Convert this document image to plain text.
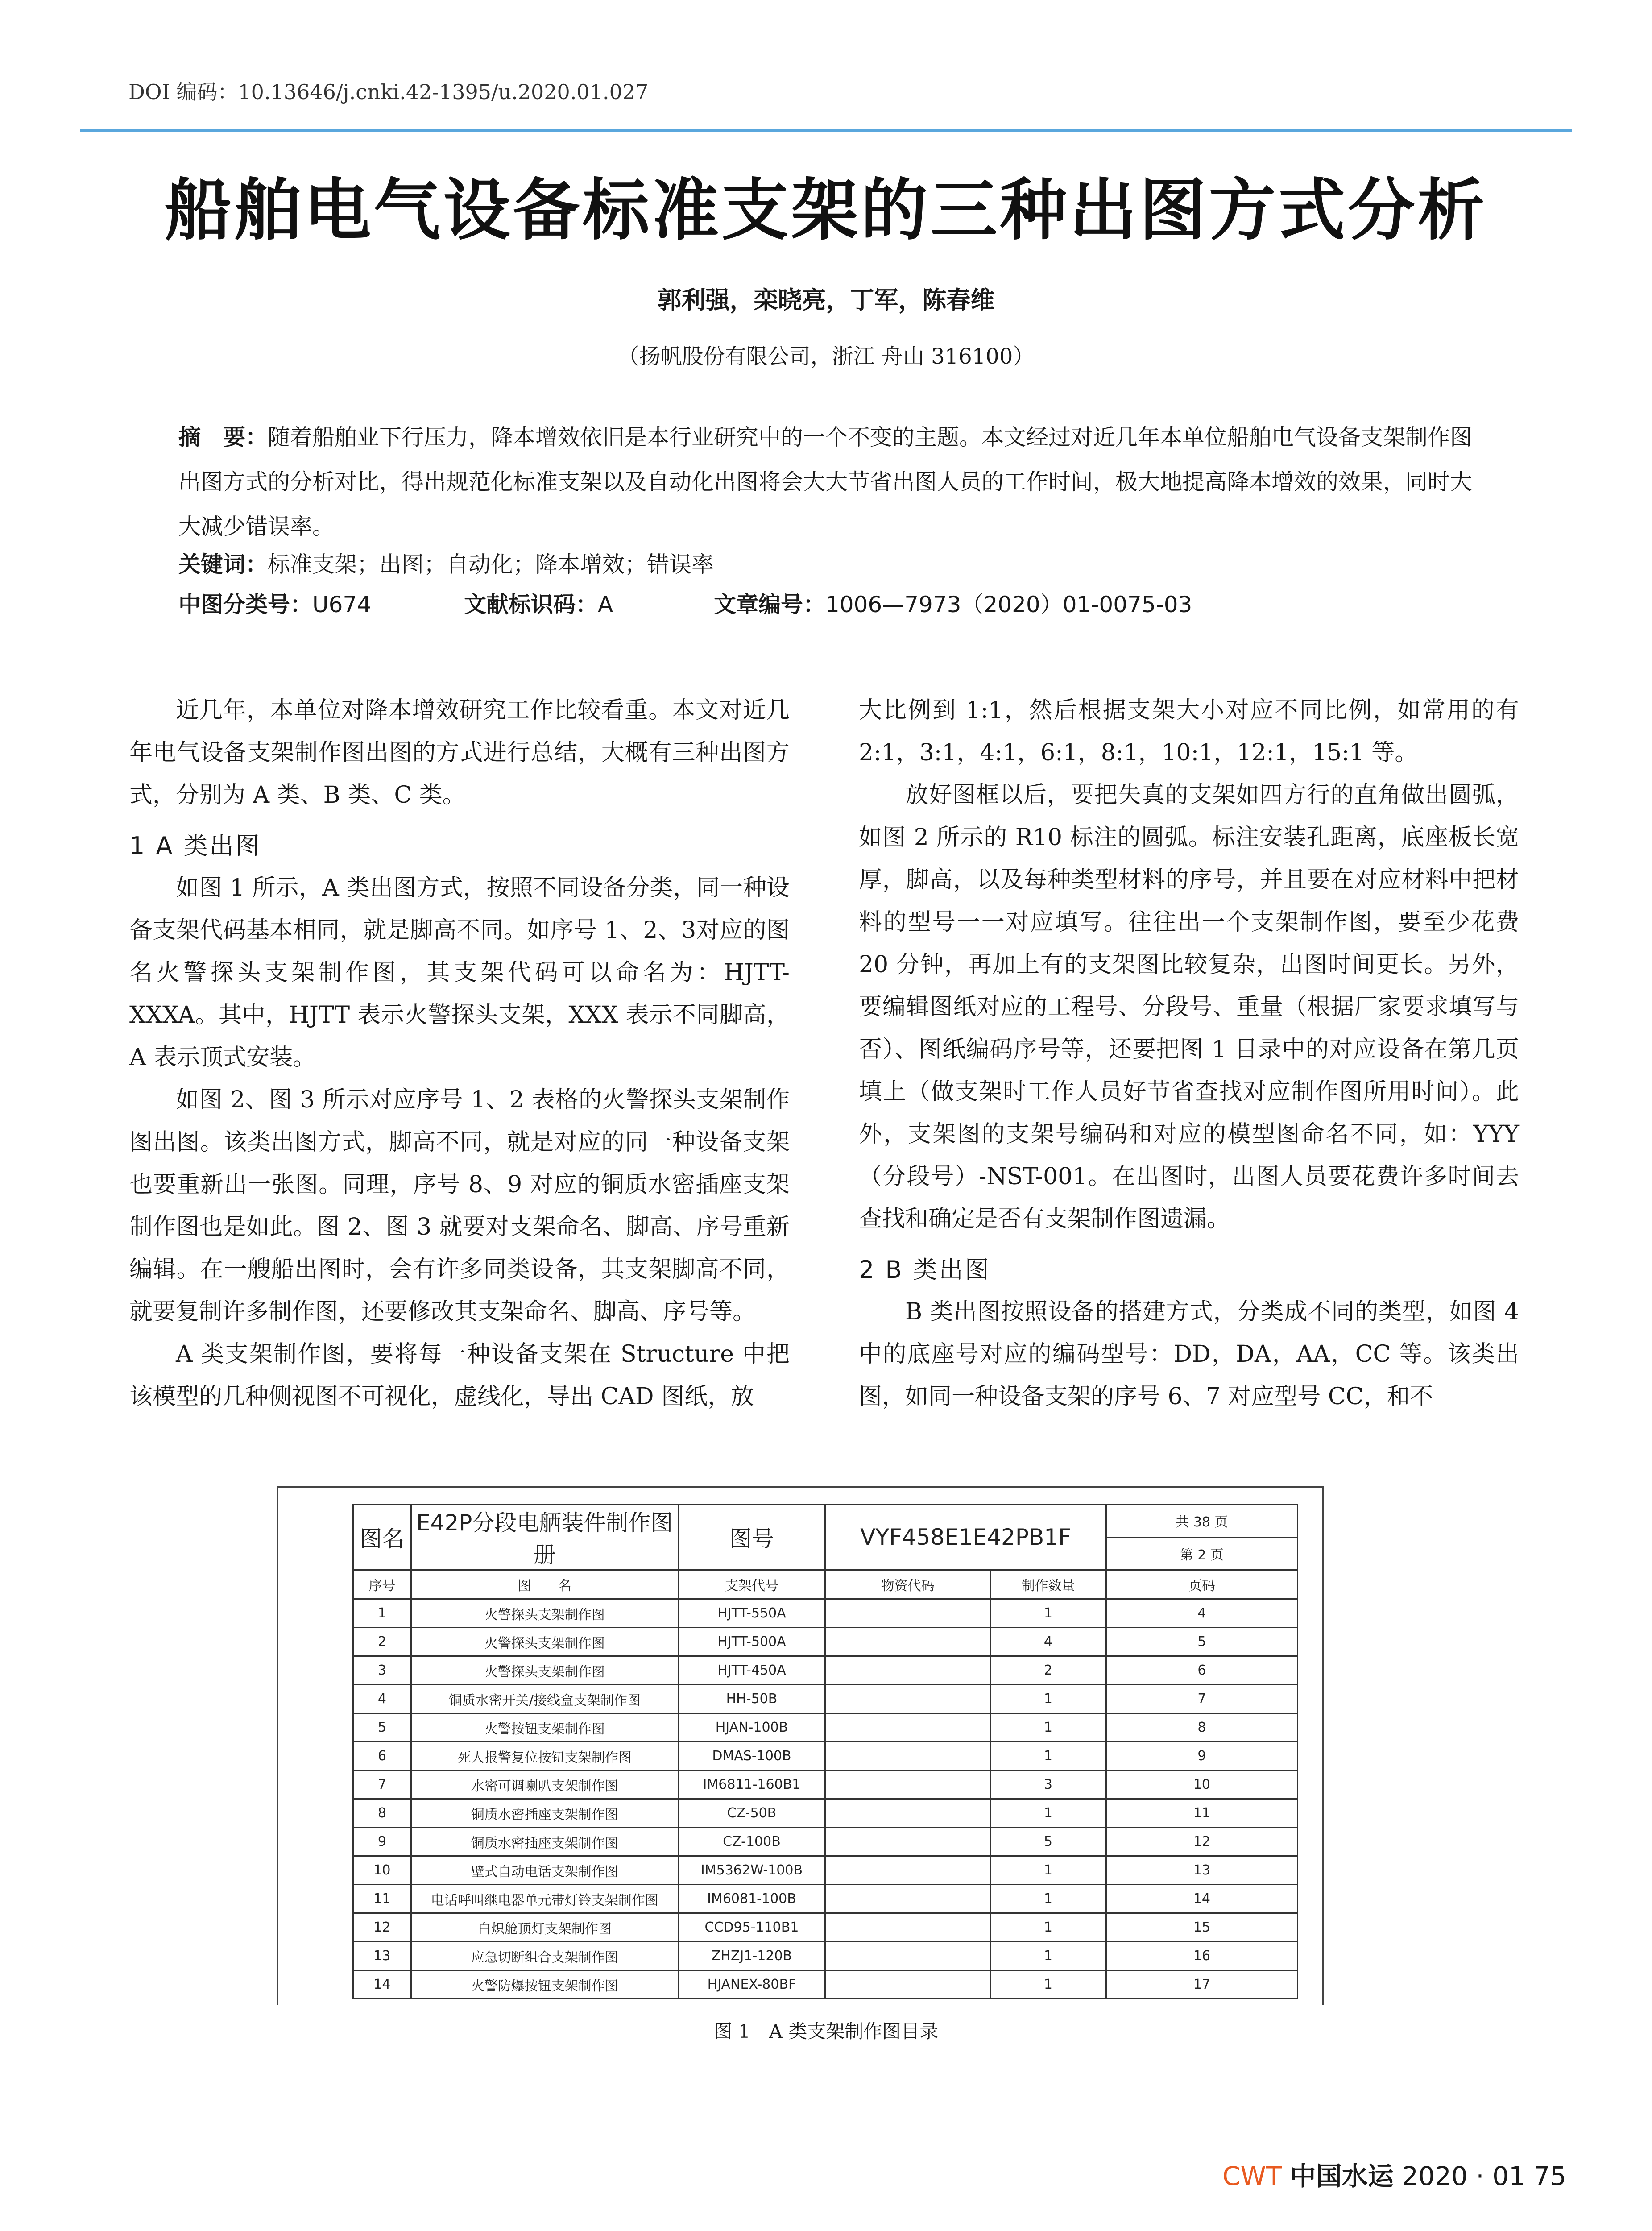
DOI 编码：10.13646/j.cnki.42-1395/u.2020.01.027
船舶电气设备标准支架的三种出图方式分析
郭利强，栾晓亮，丁军，陈春维
（扬帆股份有限公司，浙江 舟山 316100）

摘　要：随着船舶业下行压力，降本增效依旧是本行业研究中的一个不变的主题。本文经过对近几年本单位船舶电气设备支架制作图出图方式的分析对比，得出规范化标准支架以及自动化出图将会大大节省出图人员的工作时间，极大地提高降本增效的效果，同时大大减少错误率。

关键词：标准支架；出图；自动化；降本增效；错误率
中图分类号：U674	文献标识码：A	文章编号：1006—7973（2020）01-0075-03

近几年，本单位对降本增效研究工作比较看重。本文对近几年电气设备支架制作图出图的方式进行总结，大概有三种出图方式，分别为 A 类、B 类、C 类。

1 A 类出图

如图 1 所示，A 类出图方式，按照不同设备分类，同一种设备支架代码基本相同，就是脚高不同。如序号 1、2、3对应的图名火警探头支架制作图，其支架代码可以命名为：HJTT-XXXA。其中，HJTT 表示火警探头支架，XXX 表示不同脚高，A 表示顶式安装。

如图 2、图 3 所示对应序号 1、2 表格的火警探头支架制作图出图。该类出图方式，脚高不同，就是对应的同一种设备支架也要重新出一张图。同理，序号 8、9 对应的铜质水密插座支架制作图也是如此。图 2、图 3 就要对支架命名、脚高、序号重新编辑。在一艘船出图时，会有许多同类设备，其支架脚高不同，就要复制许多制作图，还要修改其支架命名、脚高、序号等。

A 类支架制作图，要将每一种设备支架在 Structure 中把该模型的几种侧视图不可视化，虚线化，导出 CAD 图纸，放

大比例到 1:1，然后根据支架大小对应不同比例，如常用的有 2:1，3:1，4:1，6:1，8:1，10:1，12:1，15:1 等。

放好图框以后，要把失真的支架如四方行的直角做出圆弧，如图 2 所示的 R10 标注的圆弧。标注安装孔距离，底座板长宽厚，脚高，以及每种类型材料的序号，并且要在对应材料中把材料的型号一一对应填写。往往出一个支架制作图，要至少花费 20 分钟，再加上有的支架图比较复杂，出图时间更长。另外，要编辑图纸对应的工程号、分段号、重量（根据厂家要求填写与否）、图纸编码序号等，还要把图 1 目录中的对应设备在第几页填上（做支架时工作人员好节省查找对应制作图所用时间）。此外，支架图的支架号编码和对应的模型图命名不同，如：YYY（分段号）-NST-001。在出图时，出图人员要花费许多时间去查找和确定是否有支架制作图遗漏。

2 B 类出图

B 类出图按照设备的搭建方式，分类成不同的类型，如图 4 中的底座号对应的编码型号：DD，DA，AA，CC 等。该类出图，如同一种设备支架的序号 6、7 对应型号 CC，和不

图名	E42P分段电舾装件制作图册	图号	VYF458E1E42PB1F		共 38 页
					第 2 页
序号	图　　名	支架代号	物资代码	制作数量	页码
1	火警探头支架制作图	HJTT-550A		1	4
2	火警探头支架制作图	HJTT-500A		4	5
3	火警探头支架制作图	HJTT-450A		2	6
4	铜质水密开关/接线盒支架制作图	HH-50B		1	7
5	火警按钮支架制作图	HJAN-100B		1	8
6	死人报警复位按钮支架制作图	DMAS-100B		1	9
7	水密可调喇叭支架制作图	IM6811-160B1		3	10
8	铜质水密插座支架制作图	CZ-50B		1	11
9	铜质水密插座支架制作图	CZ-100B		5	12
10	壁式自动电话支架制作图	IM5362W-100B		1	13
11	电话呼叫继电器单元带灯铃支架制作图	IM6081-100B		1	14
12	白炽舱顶灯支架制作图	CCD95-110B1		1	15
13	应急切断组合支架制作图	ZHZJ1-120B		1	16
14	火警防爆按钮支架制作图	HJANEX-80BF		1	17
图 1　A 类支架制作图目录
CWT 中国水运 2020 · 01 75
